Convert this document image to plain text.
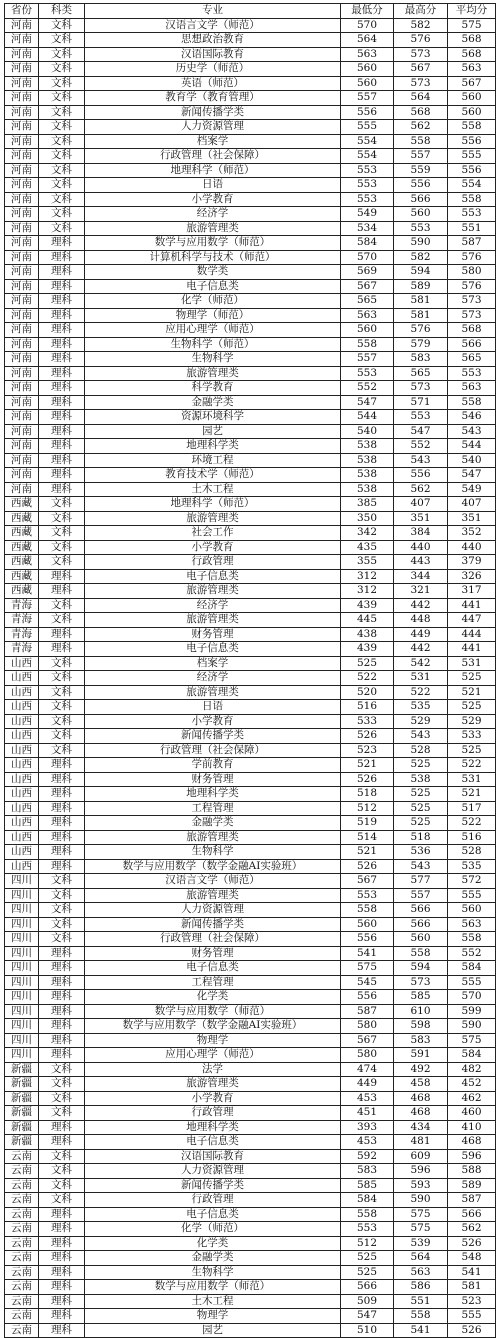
省份	科类	专业	最低分	最高分	平均分
河南	文科	汉语言文学（师范）	570	582	575
河南	文科	思想政治教育	564	576	568
河南	文科	汉语国际教育	563	573	568
河南	文科	历史学（师范）	560	567	563
河南	文科	英语（师范）	560	573	567
河南	文科	教育学（教育管理）	557	564	560
河南	文科	新闻传播学类	556	568	560
河南	文科	人力资源管理	555	562	558
河南	文科	档案学	554	558	556
河南	文科	行政管理（社会保障）	554	557	555
河南	文科	地理科学（师范）	553	559	556
河南	文科	日语	553	556	554
河南	文科	小学教育	553	566	558
河南	文科	经济学	549	560	553
河南	文科	旅游管理类	534	553	551
河南	理科	数学与应用数学（师范）	584	590	587
河南	理科	计算机科学与技术（师范）	570	582	576
河南	理科	数学类	569	594	580
河南	理科	电子信息类	567	589	576
河南	理科	化学（师范）	565	581	573
河南	理科	物理学（师范）	563	581	573
河南	理科	应用心理学（师范）	560	576	568
河南	理科	生物科学（师范）	558	579	566
河南	理科	生物科学	557	583	565
河南	理科	旅游管理类	553	565	553
河南	理科	科学教育	552	573	563
河南	理科	金融学类	547	571	558
河南	理科	资源环境科学	544	553	546
河南	理科	园艺	540	547	543
河南	理科	地理科学类	538	552	544
河南	理科	环境工程	538	543	540
河南	理科	教育技术学（师范）	538	556	547
河南	理科	土木工程	538	562	549
西藏	文科	地理科学（师范）	385	407	407
西藏	文科	旅游管理类	350	351	351
西藏	文科	社会工作	342	384	352
西藏	文科	小学教育	435	440	440
西藏	文科	行政管理	355	443	379
西藏	理科	电子信息类	312	344	326
西藏	理科	旅游管理类	312	321	317
青海	文科	经济学	439	442	441
青海	文科	旅游管理类	445	448	447
青海	理科	财务管理	438	449	444
青海	理科	电子信息类	439	442	441
山西	文科	档案学	525	542	531
山西	文科	经济学	522	531	525
山西	文科	旅游管理类	520	522	521
山西	文科	日语	516	535	525
山西	文科	小学教育	533	529	529
山西	文科	新闻传播学类	526	543	533
山西	文科	行政管理（社会保障）	523	528	525
山西	理科	学前教育	521	525	522
山西	理科	财务管理	526	538	531
山西	理科	地理科学类	518	525	521
山西	理科	工程管理	512	525	517
山西	理科	金融学类	519	525	522
山西	理科	旅游管理类	514	518	516
山西	理科	生物科学	521	536	528
山西	理科	数学与应用数学（数学金融AI实验班）	526	543	535
四川	文科	汉语言文学（师范）	567	577	572
四川	文科	旅游管理类	553	557	555
四川	文科	人力资源管理	558	566	560
四川	文科	新闻传播学类	560	566	563
四川	文科	行政管理（社会保障）	556	560	558
四川	理科	财务管理	541	558	552
四川	理科	电子信息类	575	594	584
四川	理科	工程管理	545	573	555
四川	理科	化学类	556	585	570
四川	理科	数学与应用数学（师范）	587	610	599
四川	理科	数学与应用数学（数学金融AI实验班）	580	598	590
四川	理科	物理学	567	583	575
四川	理科	应用心理学（师范）	580	591	584
新疆	文科	法学	474	492	482
新疆	文科	旅游管理类	449	458	452
新疆	文科	小学教育	453	468	462
新疆	文科	行政管理	451	468	460
新疆	理科	地理科学类	393	434	410
新疆	理科	电子信息类	453	481	468
云南	文科	汉语国际教育	592	609	596
云南	文科	人力资源管理	583	596	588
云南	文科	新闻传播学类	585	593	589
云南	文科	行政管理	584	590	587
云南	理科	电子信息类	558	575	566
云南	理科	化学（师范）	553	575	562
云南	理科	化学类	512	539	526
云南	理科	金融学类	525	564	548
云南	理科	生物科学	525	563	541
云南	理科	数学与应用数学（师范）	566	586	581
云南	理科	土木工程	509	551	523
云南	理科	物理学	547	558	555
云南	理科	园艺	510	541	526
